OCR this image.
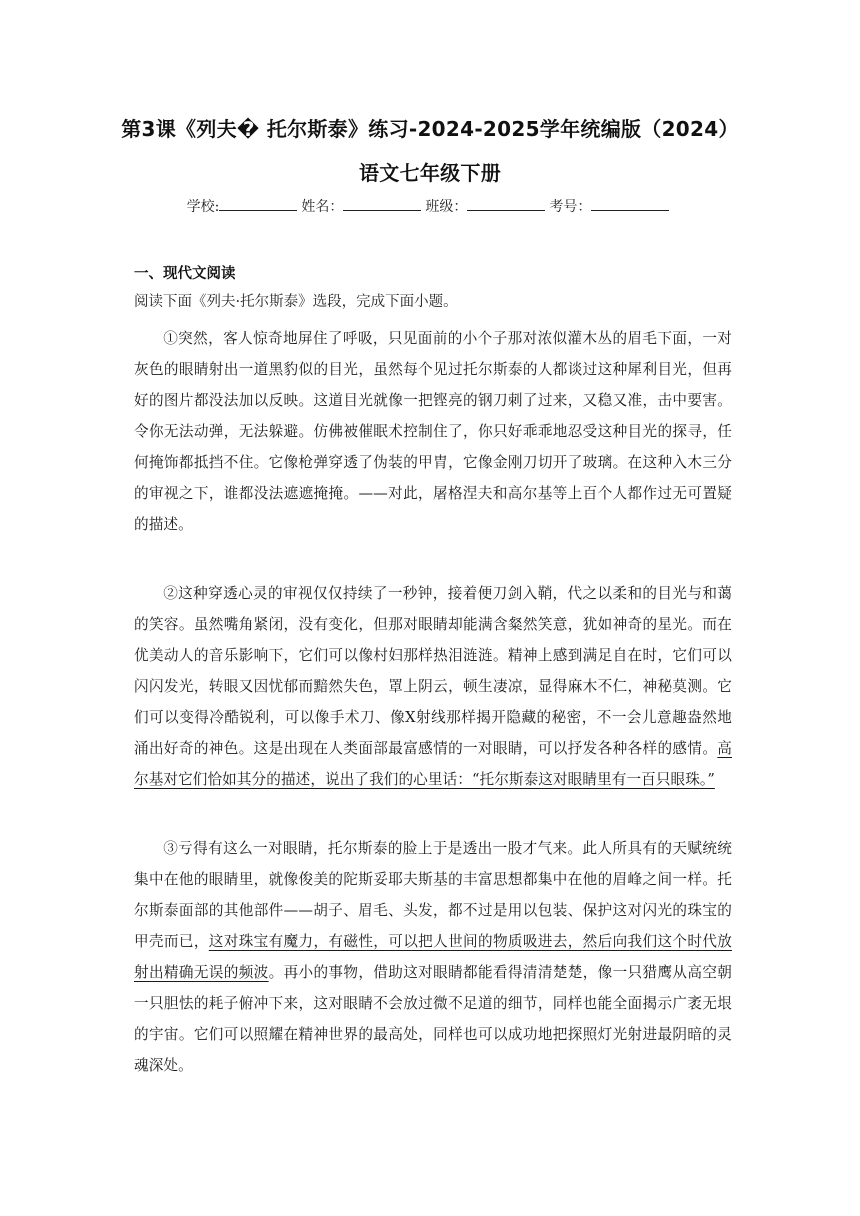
第3课《列夫� 托尔斯泰》练习-2024-2025学年统编版（2024）
语文七年级下册
学校:	姓名：	班级：	考号：
一、现代文阅读
阅读下面《列夫·托尔斯泰》选段，完成下面小题。

①突然，客人惊奇地屏住了呼吸，只见面前的小个子那对浓似灌木丛的眉毛下面，一对灰色的眼睛射出一道黑豹似的目光，虽然每个见过托尔斯泰的人都谈过这种犀利目光，但再好的图片都没法加以反映。这道目光就像一把铿亮的钢刀刺了过来，又稳又准，击中要害。令你无法动弹，无法躲避。仿佛被催眠术控制住了，你只好乖乖地忍受这种目光的探寻，任何掩饰都抵挡不住。它像枪弹穿透了伪装的甲胄，它像金刚刀切开了玻璃。在这种入木三分的审视之下，谁都没法遮遮掩掩。——对此，屠格涅夫和高尔基等上百个人都作过无可置疑的描述。

②这种穿透心灵的审视仅仅持续了一秒钟，接着便刀剑入鞘，代之以柔和的目光与和蔼的笑容。虽然嘴角紧闭，没有变化，但那对眼睛却能满含粲然笑意，犹如神奇的星光。而在优美动人的音乐影响下，它们可以像村妇那样热泪涟涟。精神上感到满足自在时，它们可以闪闪发光，转眼又因忧郁而黯然失色，罩上阴云，顿生凄凉，显得麻木不仁，神秘莫测。它们可以变得冷酷锐利，可以像手术刀、像X射线那样揭开隐藏的秘密，不一会儿意趣盎然地涌出好奇的神色。这是出现在人类面部最富感情的一对眼睛，可以抒发各种各样的感情。高尔基对它们恰如其分的描述，说出了我们的心里话：“托尔斯泰这对眼睛里有一百只眼珠。”

③亏得有这么一对眼睛，托尔斯泰的脸上于是透出一股才气来。此人所具有的天赋统统集中在他的眼睛里，就像俊美的陀斯妥耶夫斯基的丰富思想都集中在他的眉峰之间一样。托尔斯泰面部的其他部件——胡子、眉毛、头发，都不过是用以包装、保护这对闪光的珠宝的甲壳而已，这对珠宝有魔力，有磁性，可以把人世间的物质吸进去，然后向我们这个时代放射出精确无误的频波。再小的事物，借助这对眼睛都能看得清清楚楚，像一只猎鹰从高空朝一只胆怯的耗子俯冲下来，这对眼睛不会放过微不足道的细节，同样也能全面揭示广袤无垠的宇宙。它们可以照耀在精神世界的最高处，同样也可以成功地把探照灯光射进最阴暗的灵魂深处。
